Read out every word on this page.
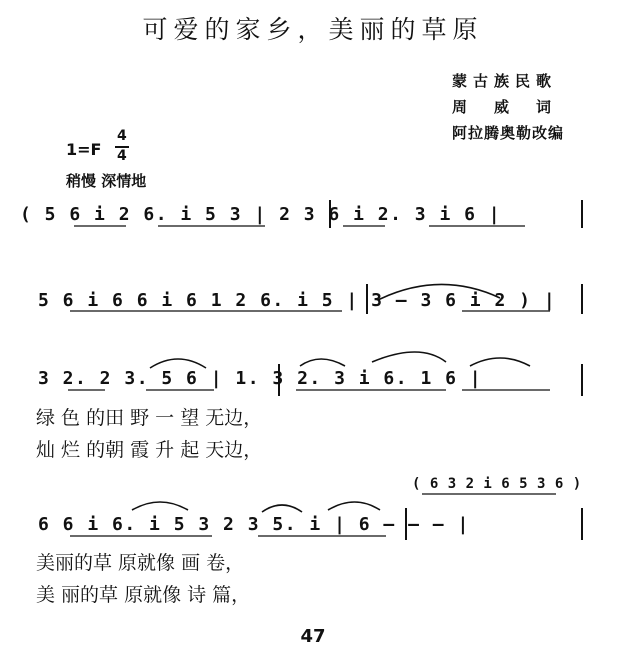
可爱的家乡，美丽的草原
蒙古族民歌
周　威　词
阿拉腾奥勒改编
1=F
4
4
稍慢 深情地
( 5 6 i 2 6. i 5 3 | 2 3 6 i 2. 3 i 6 |
5 6 i 6 6 i 6 1 2 6. i 5 | 3 – 3 6 i 2 ) |
3 2. 2 3. 5 6 | 1. 3 2. 3 i 6. 1 6 |
绿 色 的田 野 一 望 无边，
灿 烂 的朝 霞 升 起 天边，
( 6 3 2 i 6 5 3 6 )
6 6 i 6. i 5 3 2 3 5. i | 6 – – – |
美丽的草 原就像 画 卷，
美 丽的草 原就像 诗 篇，
47
